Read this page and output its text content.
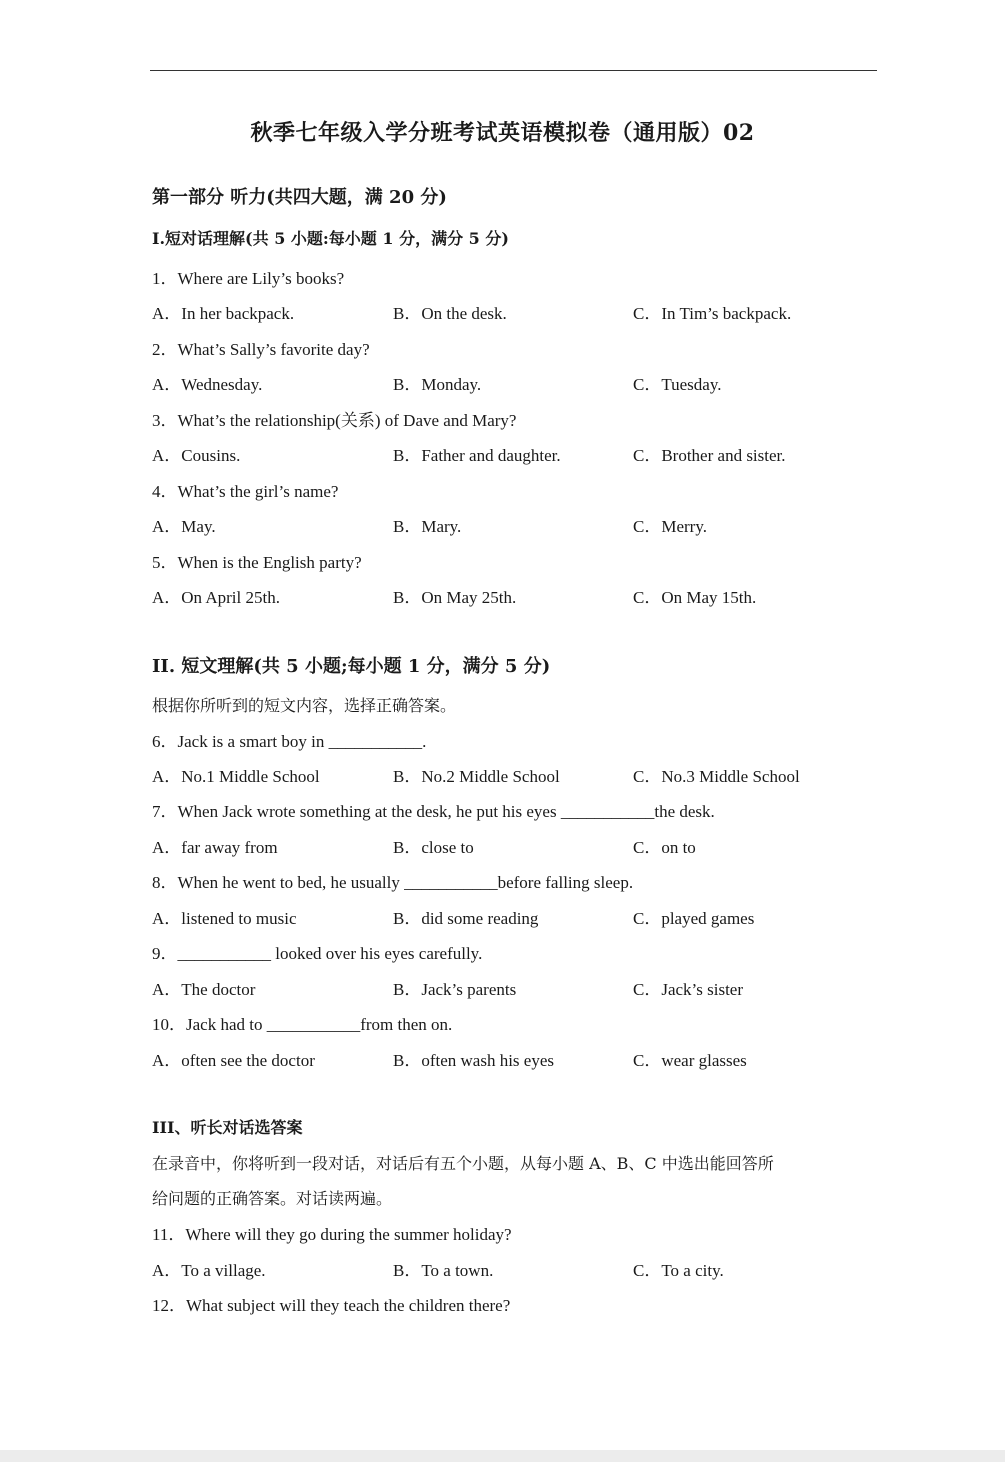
秋季七年级入学分班考试英语模拟卷（通用版）02
第一部分 听力(共四大题，满 20 分)
Ⅰ.短对话理解(共 5 小题:每小题 1 分，满分 5 分)
1．Where are Lily’s books?
A．In her backpack.	B．On the desk.	C．In Tim’s backpack.
2．What’s Sally’s favorite day?
A．Wednesday.	B．Monday.	C．Tuesday.
3．What’s the relationship(关系) of Dave and Mary?
A．Cousins.	B．Father and daughter.	C．Brother and sister.
4．What’s the girl’s name?
A．May.	B．Mary.	C．Merry.
5．When is the English party?
A．On April 25th.	B．On May 25th.	C．On May 15th.
II. 短文理解(共 5 小题;每小题 1 分，满分 5 分)
根据你所听到的短文内容，选择正确答案。
6．Jack is a smart boy in ___________.
A．No.1 Middle School	B．No.2 Middle School	C．No.3 Middle School
7．When Jack wrote something at the desk, he put his eyes ___________the desk.
A．far away from	B．close to	C．on to
8．When he went to bed, he usually ___________before falling sleep.
A．listened to music	B．did some reading	C．played games
9．___________ looked over his eyes carefully.
A．The doctor	B．Jack’s parents	C．Jack’s sister
10．Jack had to ___________from then on.
A．often see the doctor	B．often wash his eyes	C．wear glasses
III、听长对话选答案
在录音中，你将听到一段对话，对话后有五个小题，从每小题 A、B、C 中选出能回答所
给问题的正确答案。对话读两遍。
11．Where will they go during the summer holiday?
A．To a village.	B．To a town.	C．To a city.
12．What subject will they teach the children there?
